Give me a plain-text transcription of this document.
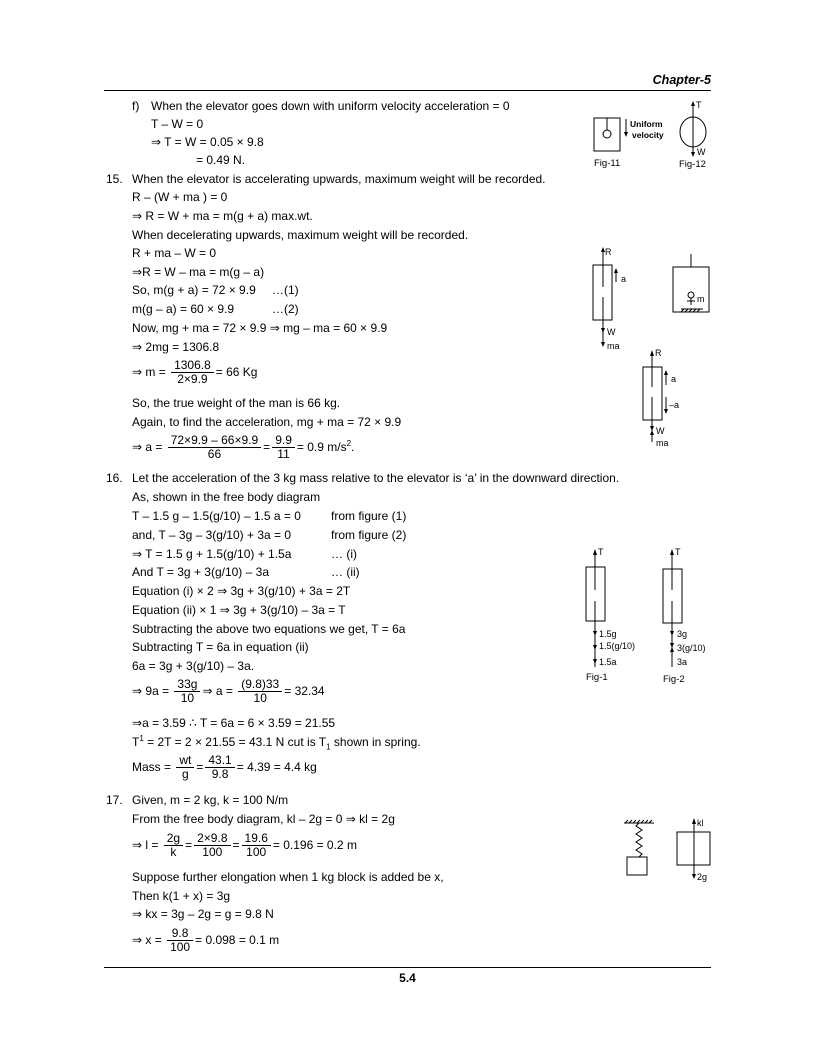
Chapter-5
f) When the elevator goes down with uniform velocity acceleration = 0
T – W = 0
⇒ T = W = 0.05 × 9.8
= 0.49 N.
Uniform
velocity
Fig-11
T
W
Fig-12
15. When the elevator is accelerating upwards, maximum weight will be recorded.
R – (W + ma ) = 0
⇒ R = W + ma = m(g + a) max.wt.
When decelerating upwards, maximum weight will be recorded.
R + ma – W = 0
⇒ R = W – ma = m(g – a)
So, m(g + a) = 72 × 9.9 …(1)
m(g – a) = 60 × 9.9	…(2)
Now, mg + ma = 72 × 9.9 ⇒ mg – ma = 60 × 9.9
⇒ 2mg = 1306.8
⇒ $m = \frac{1306.8}{2\times 9.9} = 66$ Kg
So, the true weight of the man is 66 kg.
Again, to find the acceleration, mg + ma = 72 × 9.9
⇒ $a = \frac{72\times 9.9 - 66\times 9.9}{66} = \frac{9.9}{11} = 0.9$ $m/s^2$.
R
a
W
ma
m
R
a
–a
W
ma
16. Let the acceleration of the 3 kg mass relative to the elevator is ‘a’ in the downward direction.
As, shown in the free body diagram
T – 1.5 g – 1.5(g/10) – 1.5 a = 0	from figure (1)
and, T – 3g – 3(g/10) + 3a = 0	from figure (2)
⇒ T = 1.5 g + 1.5(g/10) + 1.5a	… (i)
And T = 3g + 3(g/10) – 3a	… (ii)
Equation (i) × 2 ⇒ 3g + 3(g/10) + 3a = 2T
Equation (ii) × 1 ⇒ 3g + 3(g/10) – 3a = T
Subtracting the above two equations we get, T = 6a
Subtracting T = 6a in equation (ii)
6a = 3g + 3(g/10) – 3a.
⇒ $9a = \frac{33g}{10}$ ⇒ $a = \frac{(9.8)33}{10} = 32.34$
⇒ a = 3.59 ∴ T = 6a = 6 × 3.59 = 21.55
$T^1 = 2T = 2 \times 21.55 = 43.1$ N cut is $T_1$ shown in spring.
Mass = $\frac{wt}{g} = \frac{43.1}{9.8} = 4.39 = 4.4$ kg
T
1.5g
1.5(g/10)
1.5a
Fig-1
T
3g
3(g/10)
3a
Fig-2
17. Given, m = 2 kg, k = 100 N/m
From the free body diagram, kl – 2g = 0 ⇒ kl = 2g
⇒ $l = \frac{2g}{k} = \frac{2\times 9.8}{100} = \frac{19.6}{100} = 0.196 = 0.2$ m
Suppose further elongation when 1 kg block is added be x,
Then k(1 + x) = 3g
⇒ kx = 3g – 2g = g = 9.8 N
⇒ $x = \frac{9.8}{100} = 0.098 = 0.1$ m
kl
2g
5.4
